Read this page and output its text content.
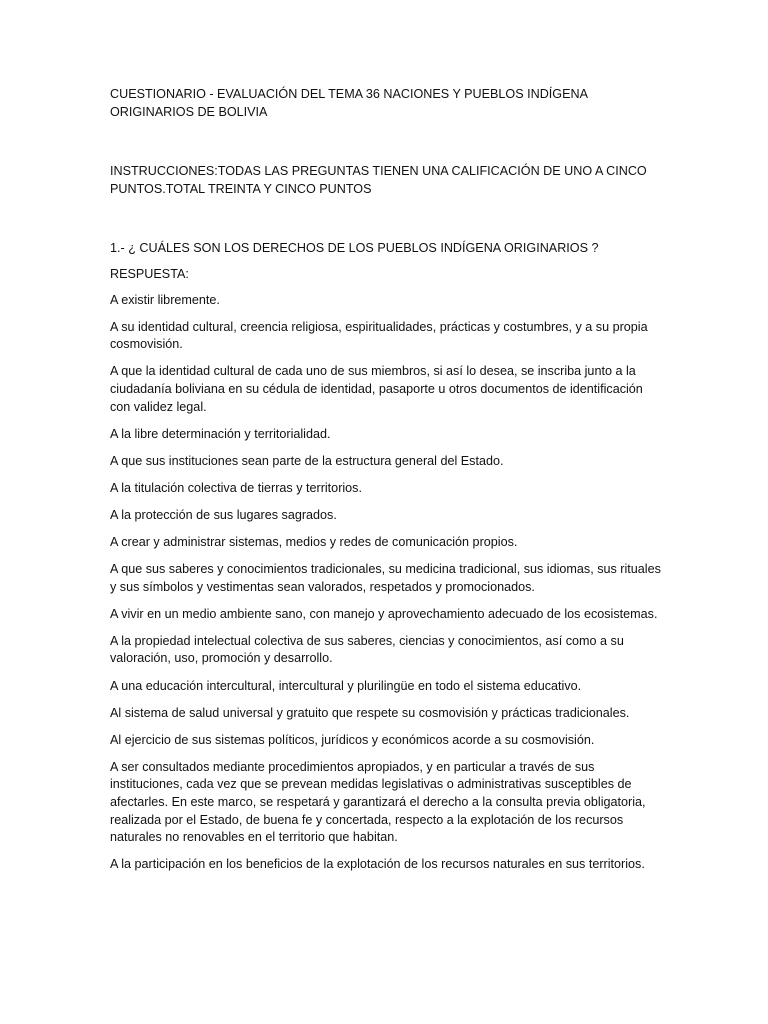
CUESTIONARIO - EVALUACIÓN DEL TEMA 36 NACIONES Y PUEBLOS INDÍGENA ORIGINARIOS DE BOLIVIA

INSTRUCCIONES:TODAS LAS PREGUNTAS TIENEN UNA CALIFICACIÓN DE UNO A CINCO PUNTOS.TOTAL TREINTA Y CINCO PUNTOS

1.- ¿ CUÁLES SON LOS DERECHOS DE LOS PUEBLOS INDÍGENA ORIGINARIOS ?

RESPUESTA:

A existir libremente.

A su identidad cultural, creencia religiosa, espiritualidades, prácticas y costumbres, y a su propia cosmovisión.

A que la identidad cultural de cada uno de sus miembros, si así lo desea, se inscriba junto a la ciudadanía boliviana en su cédula de identidad, pasaporte u otros documentos de identificación con validez legal.

A la libre determinación y territorialidad.

A que sus instituciones sean parte de la estructura general del Estado.

A la titulación colectiva de tierras y territorios.

A la protección de sus lugares sagrados.

A crear y administrar sistemas, medios y redes de comunicación propios.

A que sus saberes y conocimientos tradicionales, su medicina tradicional, sus idiomas, sus rituales y sus símbolos y vestimentas sean valorados, respetados y promocionados.

A vivir en un medio ambiente sano, con manejo y aprovechamiento adecuado de los ecosistemas.

A la propiedad intelectual colectiva de sus saberes, ciencias y conocimientos, así como a su valoración, uso, promoción y desarrollo.

A una educación intercultural, intercultural y plurilingüe en todo el sistema educativo.

Al sistema de salud universal y gratuito que respete su cosmovisión y prácticas tradicionales.

Al ejercicio de sus sistemas políticos, jurídicos y económicos acorde a su cosmovisión.

A ser consultados mediante procedimientos apropiados, y en particular a través de sus instituciones, cada vez que se prevean medidas legislativas o administrativas susceptibles de afectarles. En este marco, se respetará y garantizará el derecho a la consulta previa obligatoria, realizada por el Estado, de buena fe y concertada, respecto a la explotación de los recursos naturales no renovables en el territorio que habitan.

A la participación en los beneficios de la explotación de los recursos naturales en sus territorios.
